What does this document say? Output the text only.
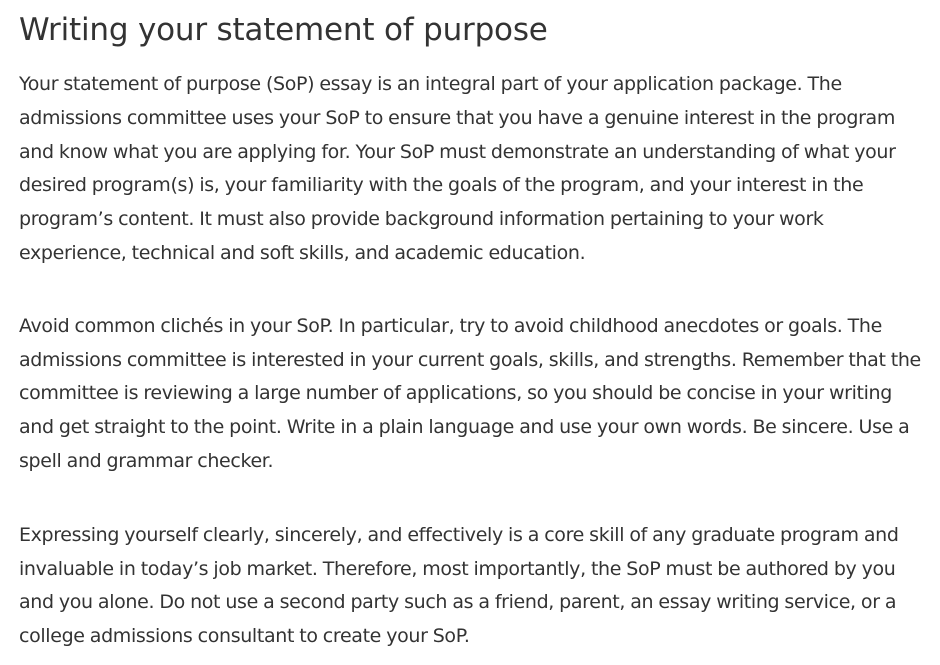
Writing your statement of purpose

Your statement of purpose (SoP) essay is an integral part of your application package. The admissions committee uses your SoP to ensure that you have a genuine interest in the program and know what you are applying for. Your SoP must demonstrate an understanding of what your desired program(s) is, your familiarity with the goals of the program, and your interest in the program’s content. It must also provide background information pertaining to your work experience, technical and soft skills, and academic education.

Avoid common clichés in your SoP. In particular, try to avoid childhood anecdotes or goals. The admissions committee is interested in your current goals, skills, and strengths. Remember that the committee is reviewing a large number of applications, so you should be concise in your writing and get straight to the point. Write in a plain language and use your own words. Be sincere. Use a spell and grammar checker.

Expressing yourself clearly, sincerely, and effectively is a core skill of any graduate program and invaluable in today’s job market. Therefore, most importantly, the SoP must be authored by you and you alone. Do not use a second party such as a friend, parent, an essay writing service, or a college admissions consultant to create your SoP.
